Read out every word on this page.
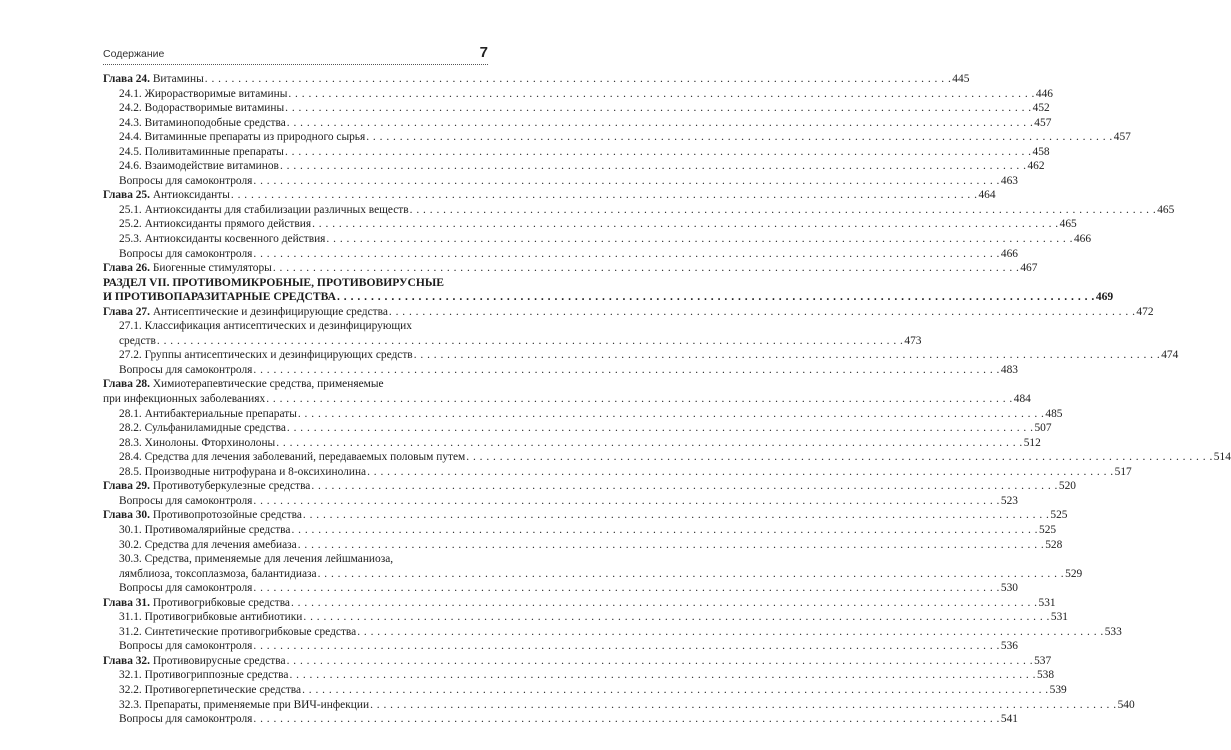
Содержание	7
Глава 24. Витамины . . .	445
24.1. Жирорастворимые витамины . . .	446
24.2. Водорастворимые витамины . . .	452
24.3. Витаминоподобные средства . . .	457
24.4. Витаминные препараты из природного сырья . . .	457
24.5. Поливитаминные препараты . . .	458
24.6. Взаимодействие витаминов . . .	462
Вопросы для самоконтроля . . .	463
Глава 25. Антиоксиданты . . .	464
25.1. Антиоксиданты для стабилизации различных веществ . . .	465
25.2. Антиоксиданты прямого действия . . .	465
25.3. Антиоксиданты косвенного действия . . .	466
Вопросы для самоконтроля . . .	466
Глава 26. Биогенные стимуляторы . . .	467
РАЗДЕЛ VII. ПРОТИВОМИКРОБНЫЕ, ПРОТИВОВИРУСНЫЕ
И ПРОТИВОПАРАЗИТАРНЫЕ СРЕДСТВА . . .	469
Глава 27. Антисептические и дезинфицирующие средства . . .	472
27.1. Классификация антисептических и дезинфицирующих
средств . . .	473
27.2. Группы антисептических и дезинфицирующих средств . . .	474
Вопросы для самоконтроля . . .	483
Глава 28. Химиотерапевтические средства, применяемые
при инфекционных заболеваниях . . .	484
28.1. Антибактериальные препараты . . .	485
28.2. Сульфаниламидные средства . . .	507
28.3. Хинолоны. Фторхинолоны . . .	512
28.4. Средства для лечения заболеваний, передаваемых половым путем . . .	514
28.5. Производные нитрофурана и 8-оксихинолина . . .	517
Глава 29. Противотуберкулезные средства . . .	520
Вопросы для самоконтроля . . .	523
Глава 30. Противопротозойные средства . . .	525
30.1. Противомалярийные средства . . .	525
30.2. Средства для лечения амебиаза . . .	528
30.3. Средства, применяемые для лечения лейшманиоза,
лямблиоза, токсоплазмоза, балантидиаза . . .	529
Вопросы для самоконтроля . . .	530
Глава 31. Противогрибковые средства . . .	531
31.1. Противогрибковые антибиотики . . .	531
31.2. Синтетические противогрибковые средства . . .	533
Вопросы для самоконтроля . . .	536
Глава 32. Противовирусные средства . . .	537
32.1. Противогриппозные средства . . .	538
32.2. Противогерпетические средства . . .	539
32.3. Препараты, применяемые при ВИЧ-инфекции . . .	540
Вопросы для самоконтроля . . .	541
